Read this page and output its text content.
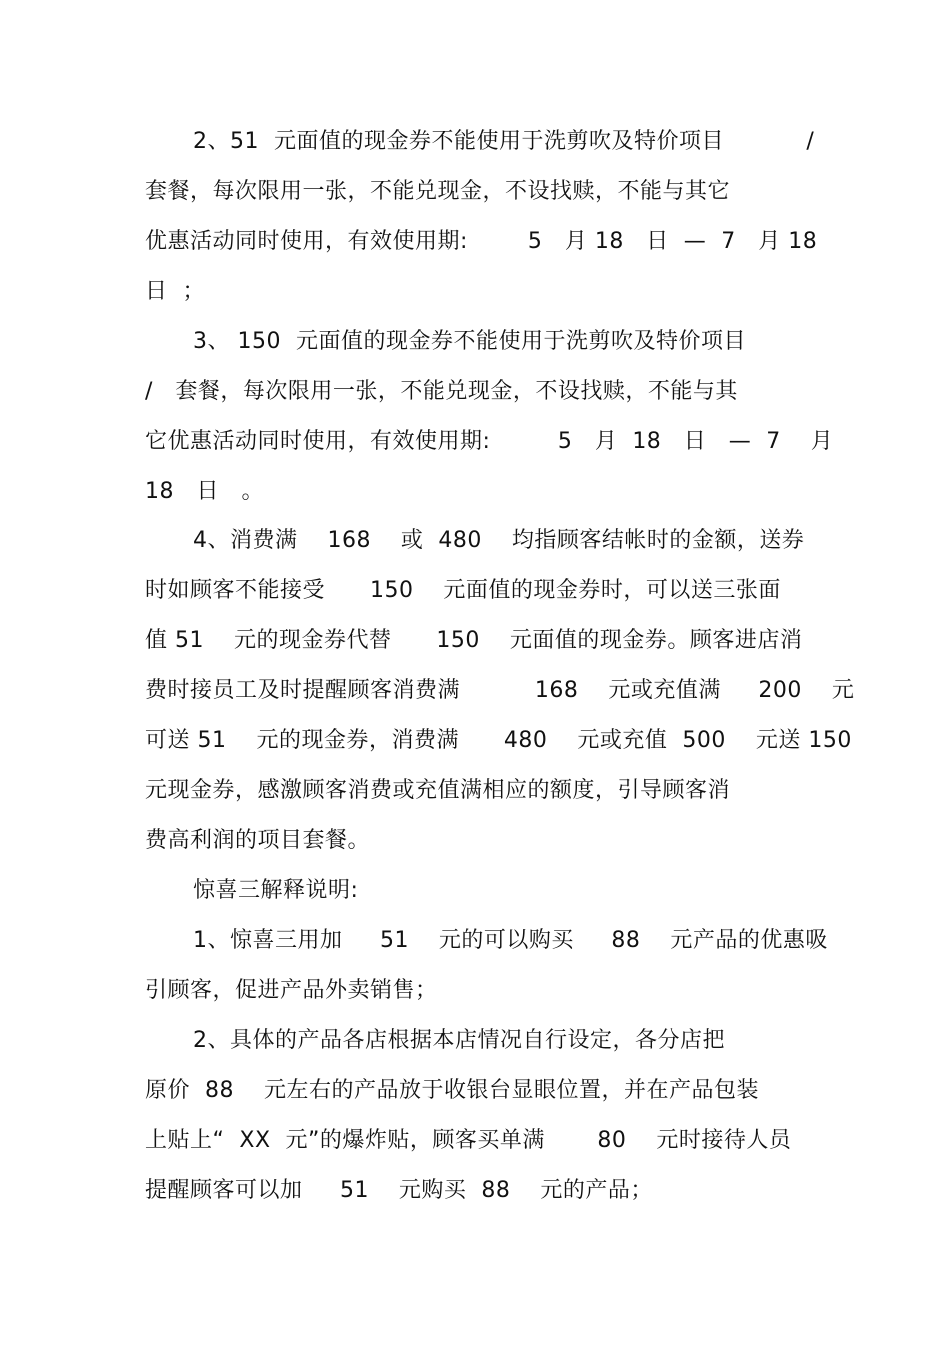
2、51  元面值的现金券不能使用于洗剪吹及特价项目           /
套餐，每次限用一张，不能兑现金，不设找赎，不能与其它
优惠活动同时使用，有效使用期:        5   月 18   日  —  7   月 18
日  ；
3、 150  元面值的现金券不能使用于洗剪吹及特价项目
/   套餐，每次限用一张，不能兑现金，不设找赎，不能与其
它优惠活动同时使用，有效使用期:         5   月  18   日   —  7    月
18   日   。
4、消费满    168    或  480    均指顾客结帐时的金额，送券
时如顾客不能接受      150    元面值的现金券时，可以送三张面
值 51    元的现金券代替      150    元面值的现金券。顾客进店消
费时接员工及时提醒顾客消费满          168    元或充值满     200    元
可送 51    元的现金券，消费满      480    元或充值  500    元送 150
元现金券，感激顾客消费或充值满相应的额度，引导顾客消
费高利润的项目套餐。
惊喜三解释说明:
1、惊喜三用加     51    元的可以购买     88    元产品的优惠吸
引顾客，促进产品外卖销售；
2、具体的产品各店根据本店情况自行设定，各分店把
原价  88    元左右的产品放于收银台显眼位置，并在产品包装
上贴上“  XX  元”的爆炸贴，顾客买单满       80    元时接待人员
提醒顾客可以加     51    元购买  88    元的产品；
